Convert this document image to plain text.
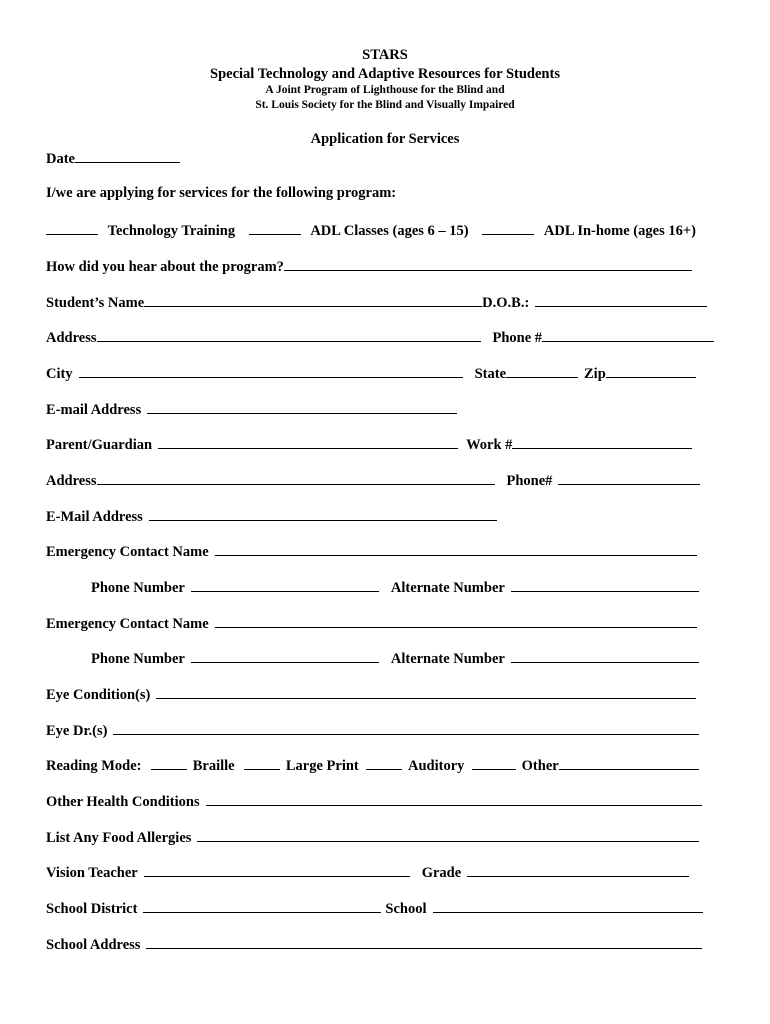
STARS
Special Technology and Adaptive Resources for Students
A Joint Program of Lighthouse for the Blind and
St. Louis Society for the Blind and Visually Impaired
Application for Services
Date
I/we are applying for services for the following program:
Technology Training	ADL Classes (ages 6 – 15)	ADL In-home (ages 16+)
How did you hear about the program?
Student’s Name	D.O.B.:
Address	Phone #
City	State	Zip
E-mail Address
Parent/Guardian	Work #
Address	Phone#
E-Mail Address
Emergency Contact Name
Phone Number	Alternate Number
Emergency Contact Name
Phone Number	Alternate Number
Eye Condition(s)
Eye Dr.(s)
Reading Mode:	Braille	Large Print	Auditory	Other
Other Health Conditions
List Any Food Allergies
Vision Teacher	Grade
School District	School
School Address
